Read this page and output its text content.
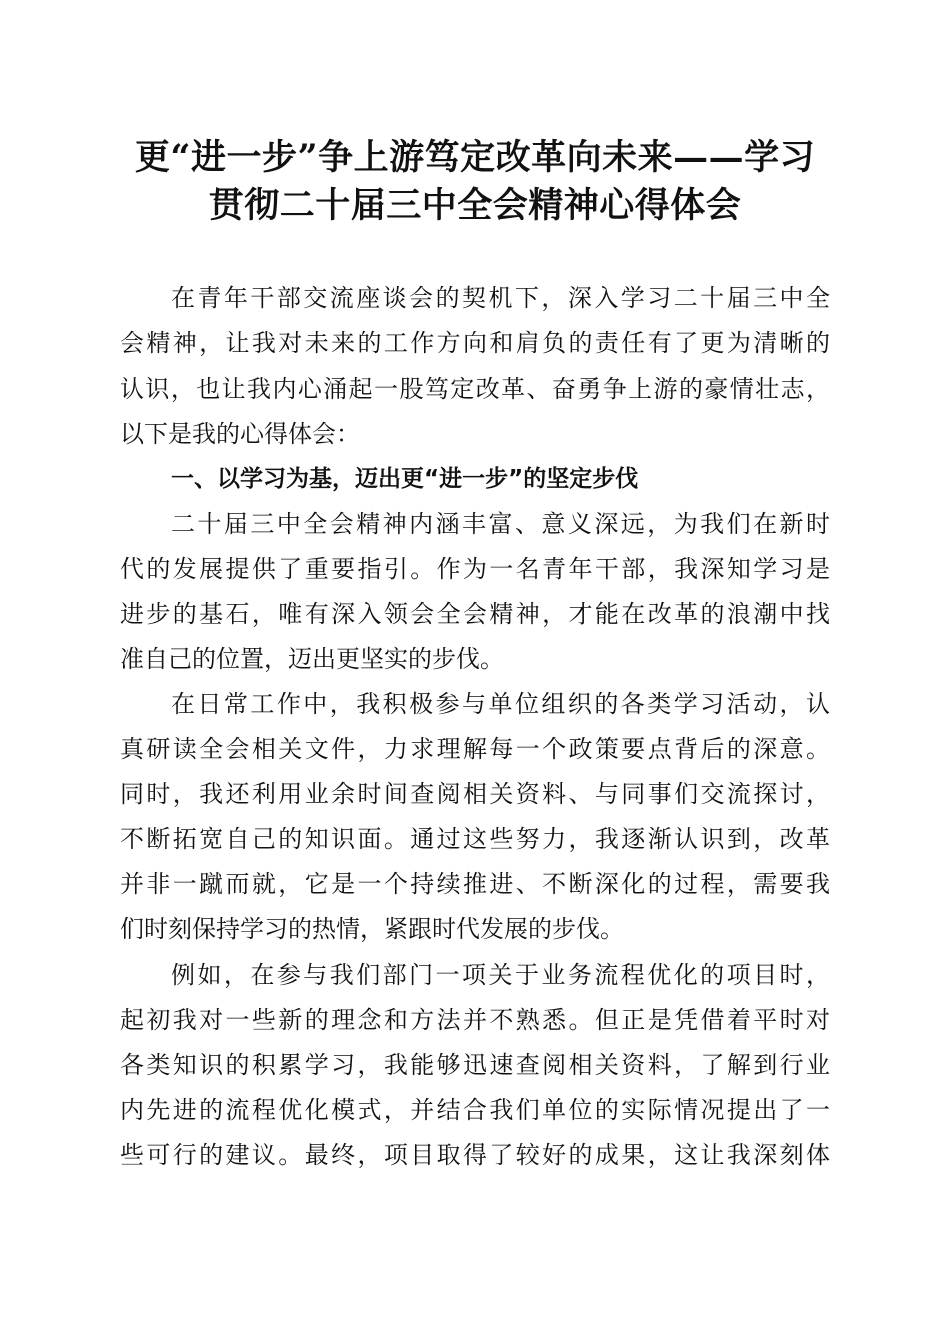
更“进一步”争上游笃定改革向未来——学习
贯彻二十届三中全会精神心得体会

在青年干部交流座谈会的契机下，深入学习二十届三中全

会精神，让我对未来的工作方向和肩负的责任有了更为清晰的

认识，也让我内心涌起一股笃定改革、奋勇争上游的豪情壮志，

以下是我的心得体会：

一、以学习为基，迈出更“进一步”的坚定步伐

二十届三中全会精神内涵丰富、意义深远，为我们在新时

代的发展提供了重要指引。作为一名青年干部，我深知学习是

进步的基石，唯有深入领会全会精神，才能在改革的浪潮中找

准自己的位置，迈出更坚实的步伐。

在日常工作中，我积极参与单位组织的各类学习活动，认

真研读全会相关文件，力求理解每一个政策要点背后的深意。

同时，我还利用业余时间查阅相关资料、与同事们交流探讨，

不断拓宽自己的知识面。通过这些努力，我逐渐认识到，改革

并非一蹴而就，它是一个持续推进、不断深化的过程，需要我

们时刻保持学习的热情，紧跟时代发展的步伐。

例如，在参与我们部门一项关于业务流程优化的项目时，

起初我对一些新的理念和方法并不熟悉。但正是凭借着平时对

各类知识的积累学习，我能够迅速查阅相关资料，了解到行业

内先进的流程优化模式，并结合我们单位的实际情况提出了一

些可行的建议。最终，项目取得了较好的成果，这让我深刻体
